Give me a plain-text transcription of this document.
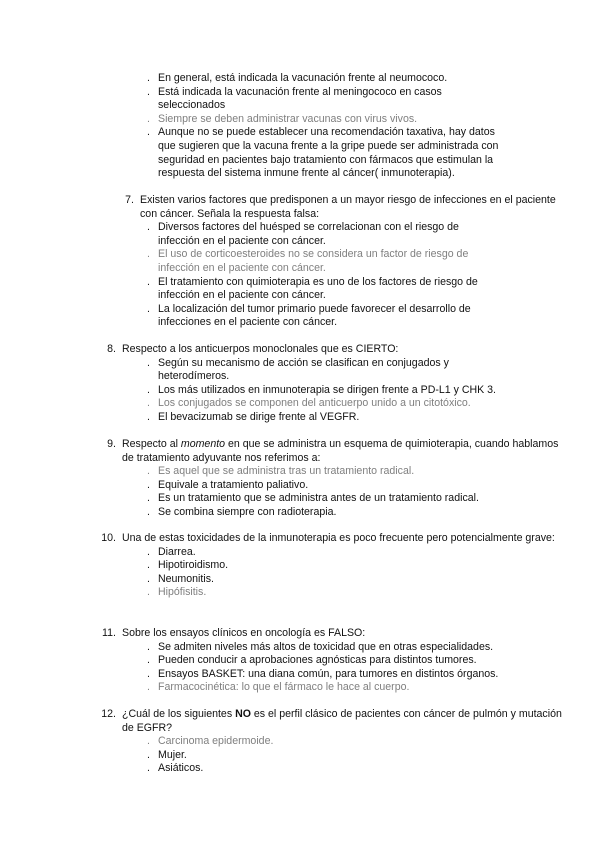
. En general, está indicada la vacunación frente al neumococo.
. Está indicada la vacunación frente al meningococo en casos seleccionados
. Siempre se deben administrar vacunas con virus vivos.
. Aunque no se puede establecer una recomendación taxativa, hay datos que sugieren que la vacuna frente a la gripe puede ser administrada con seguridad en pacientes bajo tratamiento con fármacos que estimulan la respuesta del sistema inmune frente al cáncer( inmunoterapia).
7. Existen varios factores que predisponen a un mayor riesgo de infecciones en el paciente con cáncer. Señala la respuesta falsa:
. Diversos factores del huésped se correlacionan con el riesgo de infección en el paciente con cáncer.
. El uso de corticoesteroides no se considera un factor de riesgo de infección en el paciente con cáncer.
. El tratamiento con quimioterapia es uno de los factores de riesgo de infección en el paciente con cáncer.
. La localización del tumor primario puede favorecer el desarrollo de infecciones en el paciente con cáncer.
8. Respecto a los anticuerpos monoclonales que es CIERTO:
. Según su mecanismo de acción se clasifican en conjugados y heterodímeros.
. Los más utilizados en inmunoterapia se dirigen frente a PD-L1 y CHK 3.
. Los conjugados se componen del anticuerpo unido a un citotóxico.
. El bevacizumab se dirige frente al VEGFR.
9. Respecto al momento en que se administra un esquema de quimioterapia, cuando hablamos de tratamiento adyuvante nos referimos a:
. Es aquel que se administra tras un tratamiento radical.
. Equivale a tratamiento paliativo.
. Es un tratamiento que se administra antes de un tratamiento radical.
. Se combina siempre con radioterapia.
10. Una de estas toxicidades de la inmunoterapia es poco frecuente pero potencialmente grave:
. Diarrea.
. Hipotiroidismo.
. Neumonitis.
. Hipófisitis.
11. Sobre los ensayos clínicos en oncología es FALSO:
. Se admiten niveles más altos de toxicidad que en otras especialidades.
. Pueden conducir a aprobaciones agnósticas para distintos tumores.
. Ensayos BASKET: una diana común, para tumores en distintos órganos.
. Farmacocinética: lo que el fármaco le hace al cuerpo.
12. ¿Cuál de los siguientes NO es el perfil clásico de pacientes con cáncer de pulmón y mutación de EGFR?
. Carcinoma epidermoide.
. Mujer.
. Asiáticos.
